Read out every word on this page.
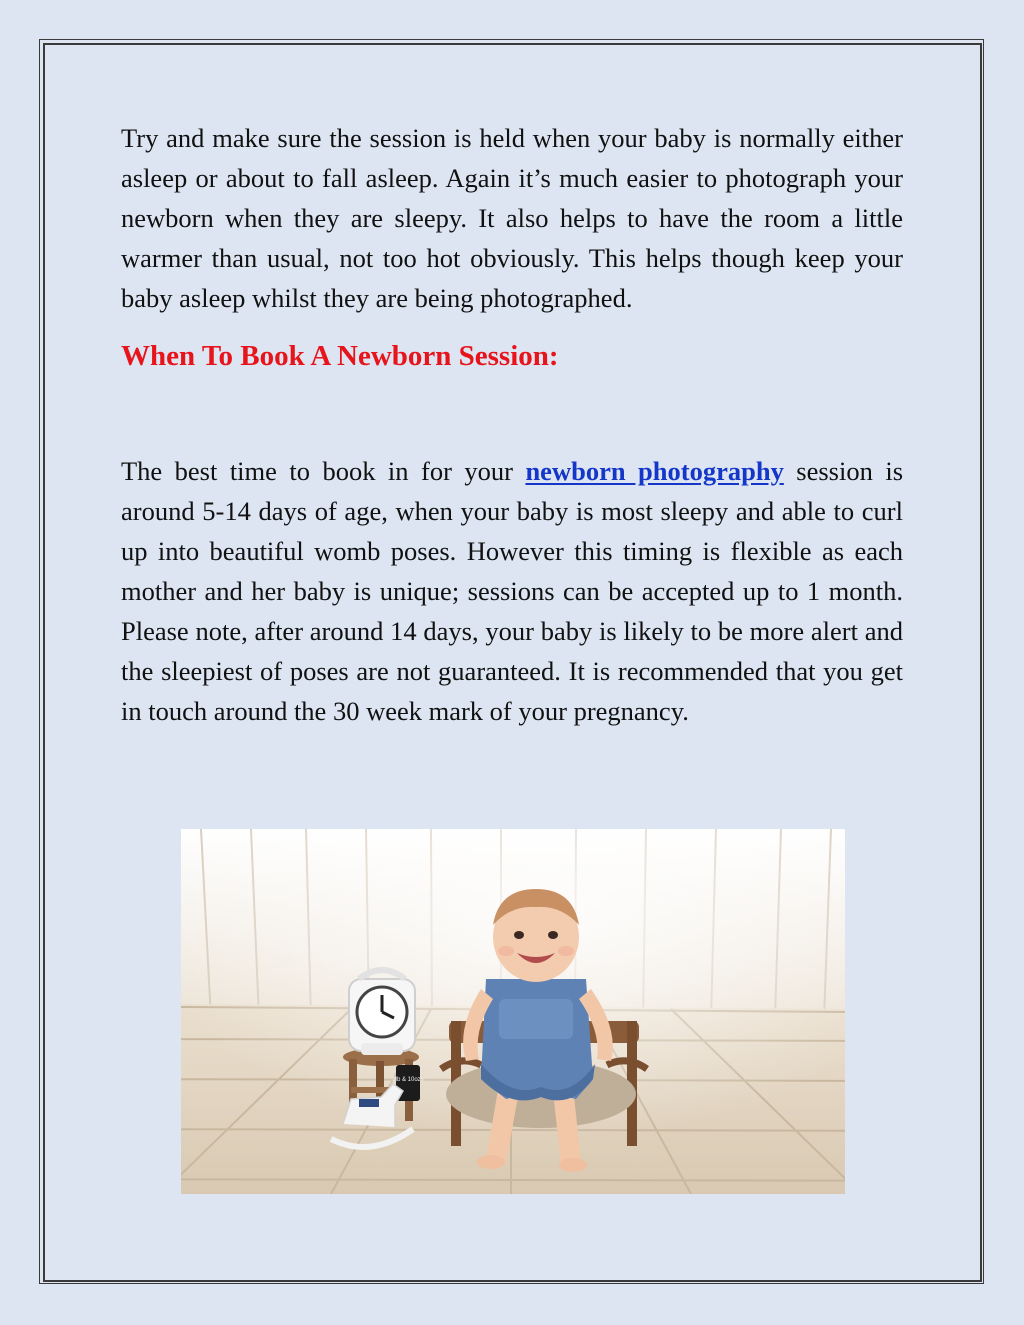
Try and make sure the session is held when your baby is normally either asleep or about to fall asleep. Again it’s much easier to photograph your newborn when they are sleepy. It also helps to have the room a little warmer than usual, not too hot obviously. This helps though keep your baby asleep whilst they are being photographed.

When To Book A Newborn Session:

The best time to book in for your newborn photography session is around 5-14 days of age, when your baby is most sleepy and able to curl up into beautiful womb poses. However this timing is flexible as each mother and her baby is unique; sessions can be accepted up to 1 month. Please note, after around 14 days, your baby is likely to be more alert and the sleepiest of poses are not guaranteed. It is recommended that you get in touch around the 30 week mark of your pregnancy.

9lb & 10ozs
